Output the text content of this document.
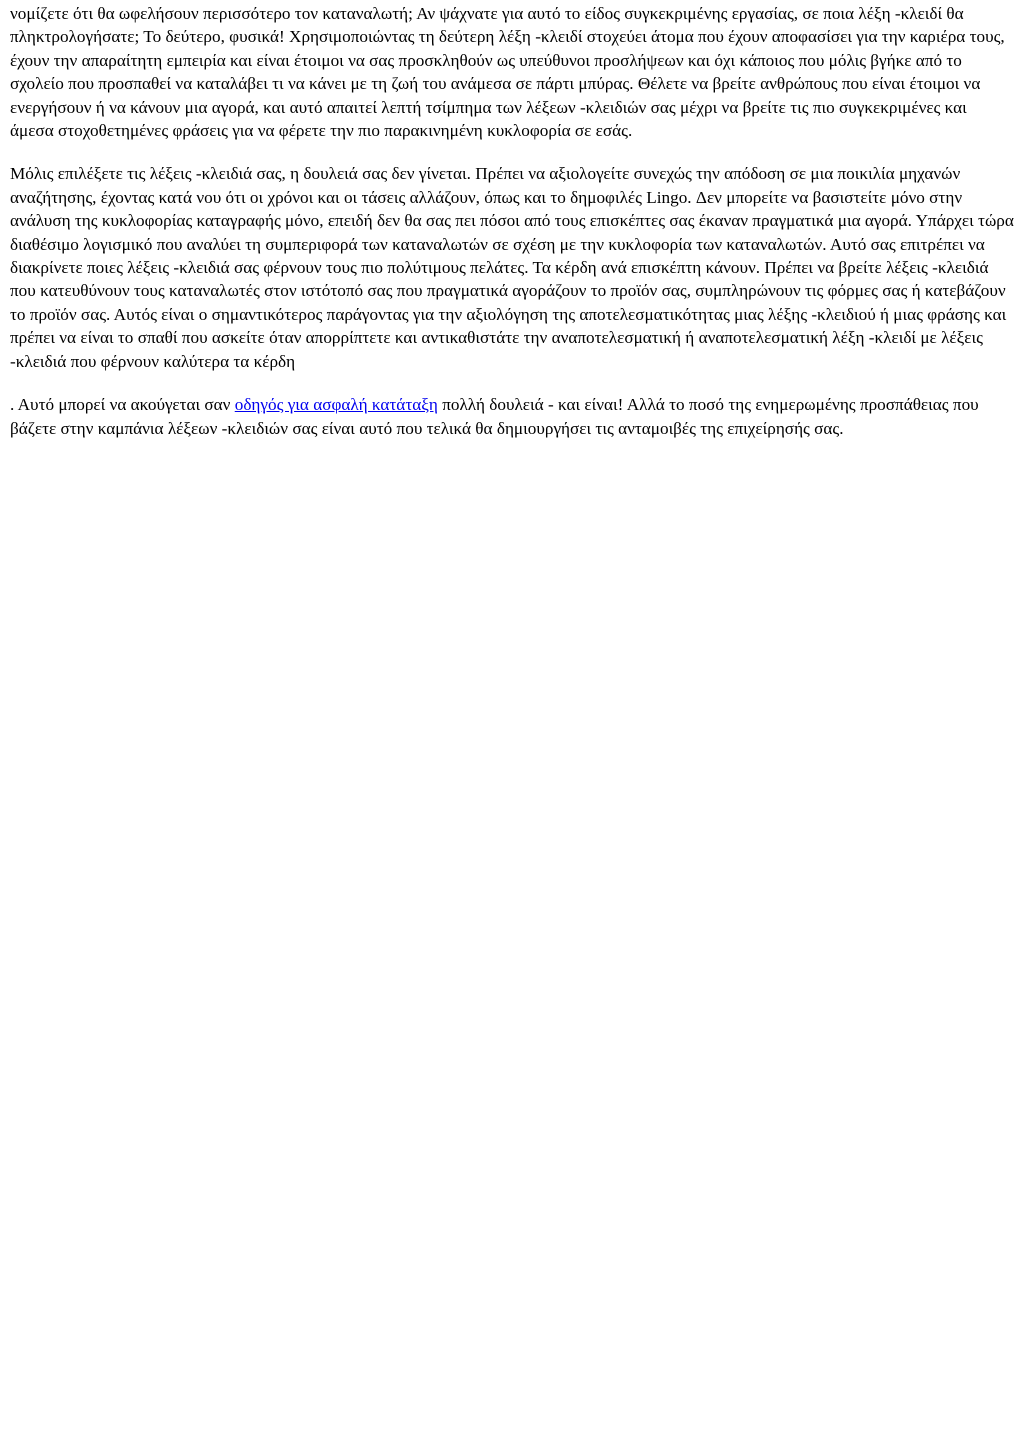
νομίζετε ότι θα ωφελήσουν περισσότερο τον καταναλωτή; Αν ψάχνατε για αυτό το είδος συγκεκριμένης εργασίας, σε ποια λέξη -κλειδί θα πληκτρολογήσατε; Το δεύτερο, φυσικά! Χρησιμοποιώντας τη δεύτερη λέξη -κλειδί στοχεύει άτομα που έχουν αποφασίσει για την καριέρα τους, έχουν την απαραίτητη εμπειρία και είναι έτοιμοι να σας προσκληθούν ως υπεύθυνοι προσλήψεων και όχι κάποιος που μόλις βγήκε από το σχολείο που προσπαθεί να καταλάβει τι να κάνει με τη ζωή του ανάμεσα σε πάρτι μπύρας. Θέλετε να βρείτε ανθρώπους που είναι έτοιμοι να ενεργήσουν ή να κάνουν μια αγορά, και αυτό απαιτεί λεπτή τσίμπημα των λέξεων -κλειδιών σας μέχρι να βρείτε τις πιο συγκεκριμένες και άμεσα στοχοθετημένες φράσεις για να φέρετε την πιο παρακινημένη κυκλοφορία σε εσάς.

Μόλις επιλέξετε τις λέξεις -κλειδιά σας, η δουλειά σας δεν γίνεται. Πρέπει να αξιολογείτε συνεχώς την απόδοση σε μια ποικιλία μηχανών αναζήτησης, έχοντας κατά νου ότι οι χρόνοι και οι τάσεις αλλάζουν, όπως και το δημοφιλές Lingo. Δεν μπορείτε να βασιστείτε μόνο στην ανάλυση της κυκλοφορίας καταγραφής μόνο, επειδή δεν θα σας πει πόσοι από τους επισκέπτες σας έκαναν πραγματικά μια αγορά. Υπάρχει τώρα διαθέσιμο λογισμικό που αναλύει τη συμπεριφορά των καταναλωτών σε σχέση με την κυκλοφορία των καταναλωτών. Αυτό σας επιτρέπει να διακρίνετε ποιες λέξεις -κλειδιά σας φέρνουν τους πιο πολύτιμους πελάτες. Τα κέρδη ανά επισκέπτη κάνουν. Πρέπει να βρείτε λέξεις -κλειδιά που κατευθύνουν τους καταναλωτές στον ιστότοπό σας που πραγματικά αγοράζουν το προϊόν σας, συμπληρώνουν τις φόρμες σας ή κατεβάζουν το προϊόν σας. Αυτός είναι ο σημαντικότερος παράγοντας για την αξιολόγηση της αποτελεσματικότητας μιας λέξης -κλειδιού ή μιας φράσης και πρέπει να είναι το σπαθί που ασκείτε όταν απορρίπτετε και αντικαθιστάτε την αναποτελεσματική ή αναποτελεσματική λέξη -κλειδί με λέξεις -κλειδιά που φέρνουν καλύτερα τα κέρδη

. Αυτό μπορεί να ακούγεται σαν οδηγός για ασφαλή κατάταξη πολλή δουλειά - και είναι! Αλλά το ποσό της ενημερωμένης προσπάθειας που βάζετε στην καμπάνια λέξεων -κλειδιών σας είναι αυτό που τελικά θα δημιουργήσει τις ανταμοιβές της επιχείρησής σας.
